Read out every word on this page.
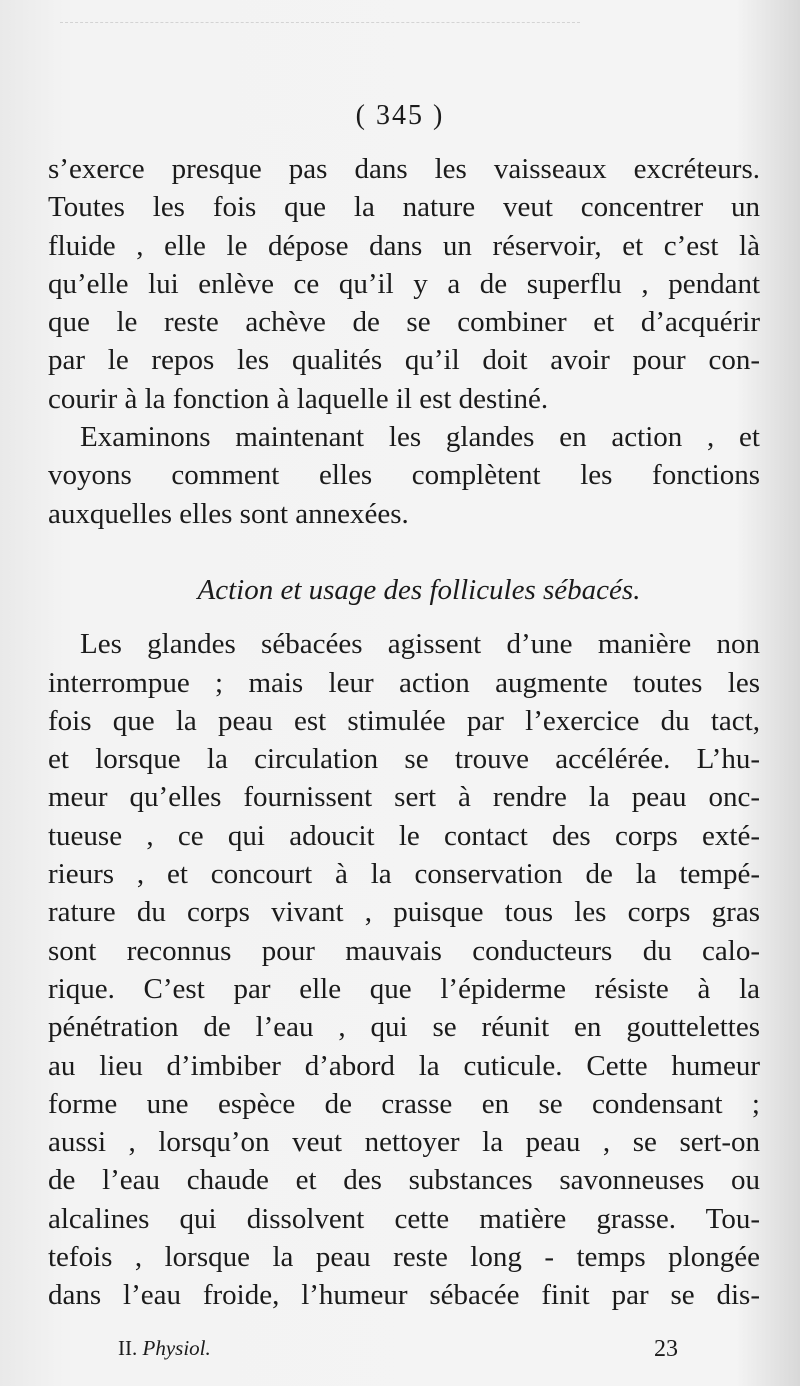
( 345 )
s’exerce presque pas dans les vaisseaux excréteurs.
Toutes les fois que la nature veut concentrer un
fluide , elle le dépose dans un réservoir, et c’est là
qu’elle lui enlève ce qu’il y a de superflu , pendant
que le reste achève de se combiner et d’acquérir
par le repos les qualités qu’il doit avoir pour con-
courir à la fonction à laquelle il est destiné.
Examinons maintenant les glandes en action , et
voyons comment elles complètent les fonctions
auxquelles elles sont annexées.
Action et usage des follicules sébacés.
Les glandes sébacées agissent d’une manière non
interrompue ; mais leur action augmente toutes les
fois que la peau est stimulée par l’exercice du tact,
et lorsque la circulation se trouve accélérée. L’hu-
meur qu’elles fournissent sert à rendre la peau onc-
tueuse , ce qui adoucit le contact des corps exté-
rieurs , et concourt à la conservation de la tempé-
rature du corps vivant , puisque tous les corps gras
sont reconnus pour mauvais conducteurs du calo-
rique. C’est par elle que l’épiderme résiste à la
pénétration de l’eau , qui se réunit en gouttelettes
au lieu d’imbiber d’abord la cuticule. Cette humeur
forme une espèce de crasse en se condensant ;
aussi , lorsqu’on veut nettoyer la peau , se sert-on
de l’eau chaude et des substances savonneuses ou
alcalines qui dissolvent cette matière grasse. Tou-
tefois , lorsque la peau reste long - temps plongée
dans l’eau froide, l’humeur sébacée finit par se dis-
II. Physiol.	23
